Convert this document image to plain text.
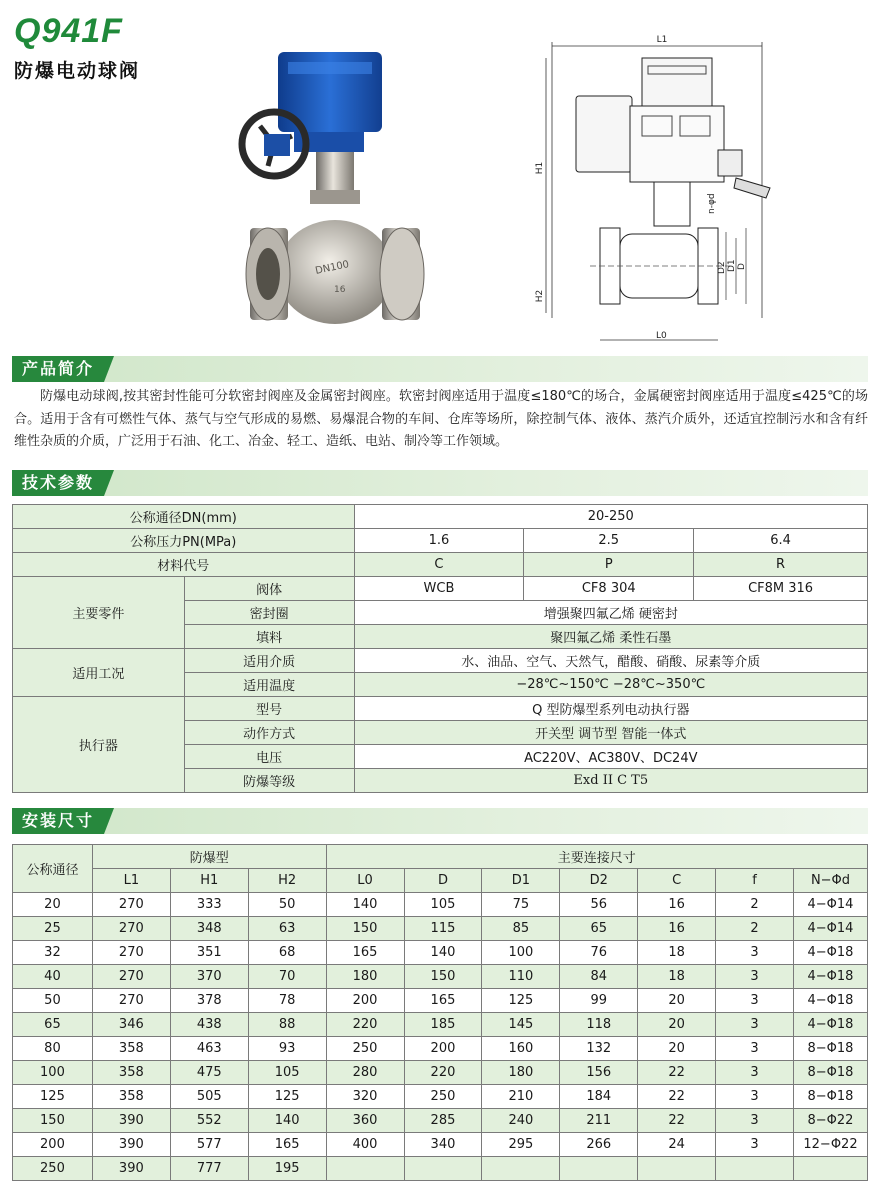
Q941F
防爆电动球阀
DN100
16
L1
H1
H2
n-φd
D2 D1 D
L0
产品简介
防爆电动球阀,按其密封性能可分软密封阀座及金属密封阀座。软密封阀座适用于温度≤180℃的场合，金属硬密封阀座适用于温度≤425℃的场合。适用于含有可燃性气体、蒸气与空气形成的易燃、易爆混合物的车间、仓库等场所，除控制气体、液体、蒸汽介质外，还适宜控制污水和含有纤维性杂质的介质，广泛用于石油、化工、冶金、轻工、造纸、电站、制冷等工作领域。
技术参数
公称通径DN(mm)		20-250		
公称压力PN(MPa)		1.6	2.5	6.4
材料代号		C	P	R
主要零件	阀体	WCB	CF8 304	CF8M 316
	密封圈	增强聚四氟乙烯 硬密封		
	填料	聚四氟乙烯 柔性石墨		
适用工况	适用介质	水、油品、空气、天然气，醋酸、硝酸、尿素等介质		
	适用温度	−28℃~150℃ −28℃~350℃		
执行器	型号	Q 型防爆型系列电动执行器		
	动作方式	开关型 调节型 智能一体式		
	电压	AC220V、AC380V、DC24V		
	防爆等级	Exd II C T5		
安装尺寸
公称通径	防爆型			主要连接尺寸						
	L1	H1	H2	L0	D	D1	D2	C	f	N−Φd
20	270	333	50	140	105	75	56	16	2	4−Φ14
25	270	348	63	150	115	85	65	16	2	4−Φ14
32	270	351	68	165	140	100	76	18	3	4−Φ18
40	270	370	70	180	150	110	84	18	3	4−Φ18
50	270	378	78	200	165	125	99	20	3	4−Φ18
65	346	438	88	220	185	145	118	20	3	4−Φ18
80	358	463	93	250	200	160	132	20	3	8−Φ18
100	358	475	105	280	220	180	156	22	3	8−Φ18
125	358	505	125	320	250	210	184	22	3	8−Φ18
150	390	552	140	360	285	240	211	22	3	8−Φ22
200	390	577	165	400	340	295	266	24	3	12−Φ22
250	390	777	195							
